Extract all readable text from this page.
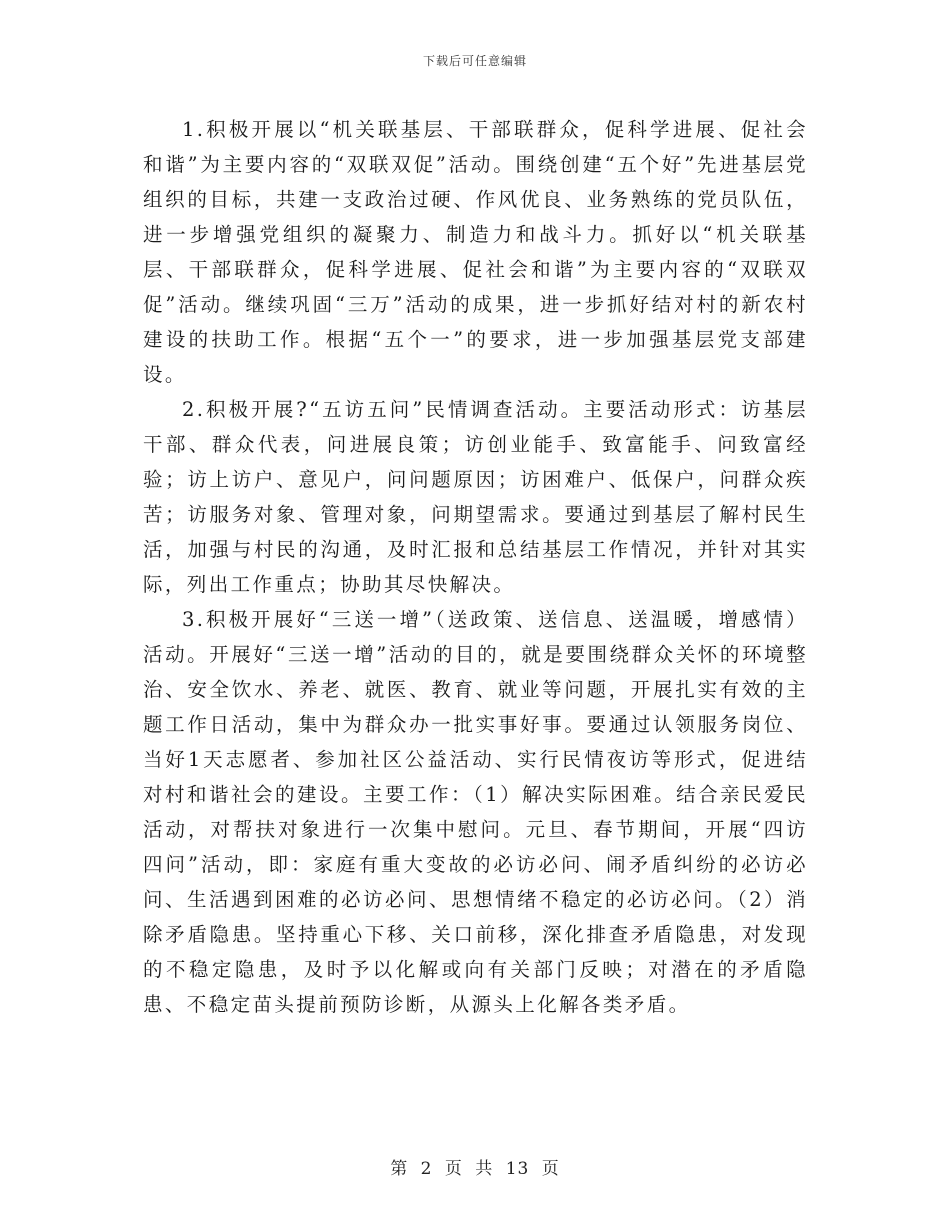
下载后可任意编辑

1.积极开展以“机关联基层、干部联群众，促科学进展、促社会和谐”为主要内容的“双联双促”活动。围绕创建“五个好”先进基层党组织的目标，共建一支政治过硬、作风优良、业务熟练的党员队伍，进一步增强党组织的凝聚力、制造力和战斗力。抓好以“机关联基层、干部联群众，促科学进展、促社会和谐”为主要内容的“双联双促”活动。继续巩固“三万”活动的成果，进一步抓好结对村的新农村建设的扶助工作。根据“五个一”的要求，进一步加强基层党支部建设。

2.积极开展?“五访五问”民情调查活动。主要活动形式：访基层干部、群众代表，问进展良策；访创业能手、致富能手、问致富经验；访上访户、意见户，问问题原因；访困难户、低保户，问群众疾苦；访服务对象、管理对象，问期望需求。要通过到基层了解村民生活，加强与村民的沟通，及时汇报和总结基层工作情况，并针对其实际，列出工作重点；协助其尽快解决。

3.积极开展好“三送一增”（送政策、送信息、送温暖，增感情）活动。开展好“三送一增”活动的目的，就是要围绕群众关怀的环境整治、安全饮水、养老、就医、教育、就业等问题，开展扎实有效的主题工作日活动，集中为群众办一批实事好事。要通过认领服务岗位、当好1天志愿者、参加社区公益活动、实行民情夜访等形式，促进结对村和谐社会的建设。主要工作：（1）解决实际困难。结合亲民爱民活动，对帮扶对象进行一次集中慰问。元旦、春节期间，开展“四访四问”活动，即：家庭有重大变故的必访必问、闹矛盾纠纷的必访必问、生活遇到困难的必访必问、思想情绪不稳定的必访必问。（2）消除矛盾隐患。坚持重心下移、关口前移，深化排查矛盾隐患，对发现的不稳定隐患，及时予以化解或向有关部门反映；对潜在的矛盾隐患、不稳定苗头提前预防诊断，从源头上化解各类矛盾。

第 2 页 共 13 页
